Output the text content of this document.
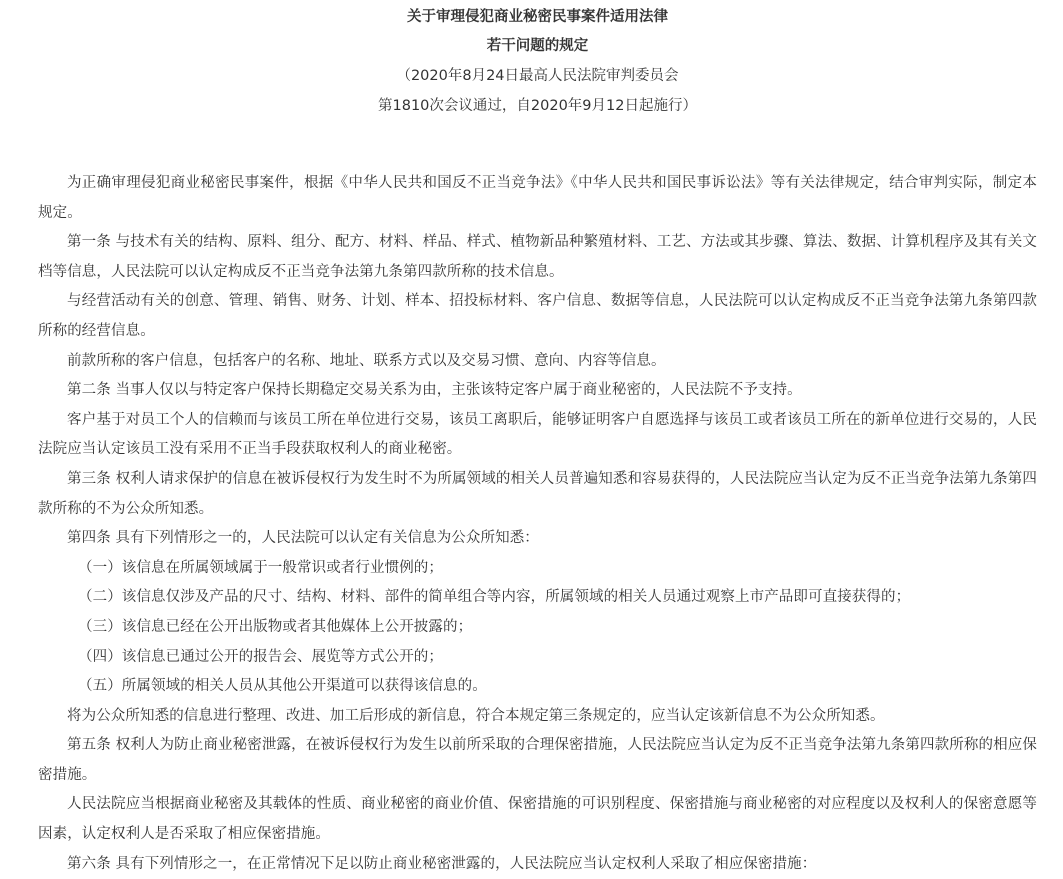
关于审理侵犯商业秘密民事案件适用法律

若干问题的规定

（2020年8月24日最高人民法院审判委员会

第1810次会议通过，自2020年9月12日起施行）

为正确审理侵犯商业秘密民事案件，根据《中华人民共和国反不正当竞争法》《中华人民共和国民事诉讼法》等有关法律规定，结合审判实际，制定本规定。

第一条 与技术有关的结构、原料、组分、配方、材料、样品、样式、植物新品种繁殖材料、工艺、方法或其步骤、算法、数据、计算机程序及其有关文档等信息，人民法院可以认定构成反不正当竞争法第九条第四款所称的技术信息。

与经营活动有关的创意、管理、销售、财务、计划、样本、招投标材料、客户信息、数据等信息，人民法院可以认定构成反不正当竞争法第九条第四款所称的经营信息。

前款所称的客户信息，包括客户的名称、地址、联系方式以及交易习惯、意向、内容等信息。

第二条 当事人仅以与特定客户保持长期稳定交易关系为由，主张该特定客户属于商业秘密的，人民法院不予支持。

客户基于对员工个人的信赖而与该员工所在单位进行交易，该员工离职后，能够证明客户自愿选择与该员工或者该员工所在的新单位进行交易的，人民法院应当认定该员工没有采用不正当手段获取权利人的商业秘密。

第三条 权利人请求保护的信息在被诉侵权行为发生时不为所属领域的相关人员普遍知悉和容易获得的，人民法院应当认定为反不正当竞争法第九条第四款所称的不为公众所知悉。

第四条 具有下列情形之一的，人民法院可以认定有关信息为公众所知悉：

（一）该信息在所属领域属于一般常识或者行业惯例的；

（二）该信息仅涉及产品的尺寸、结构、材料、部件的简单组合等内容，所属领域的相关人员通过观察上市产品即可直接获得的；

（三）该信息已经在公开出版物或者其他媒体上公开披露的；

（四）该信息已通过公开的报告会、展览等方式公开的；

（五）所属领域的相关人员从其他公开渠道可以获得该信息的。

将为公众所知悉的信息进行整理、改进、加工后形成的新信息，符合本规定第三条规定的，应当认定该新信息不为公众所知悉。

第五条 权利人为防止商业秘密泄露，在被诉侵权行为发生以前所采取的合理保密措施，人民法院应当认定为反不正当竞争法第九条第四款所称的相应保密措施。

人民法院应当根据商业秘密及其载体的性质、商业秘密的商业价值、保密措施的可识别程度、保密措施与商业秘密的对应程度以及权利人的保密意愿等因素，认定权利人是否采取了相应保密措施。

第六条 具有下列情形之一，在正常情况下足以防止商业秘密泄露的，人民法院应当认定权利人采取了相应保密措施：
